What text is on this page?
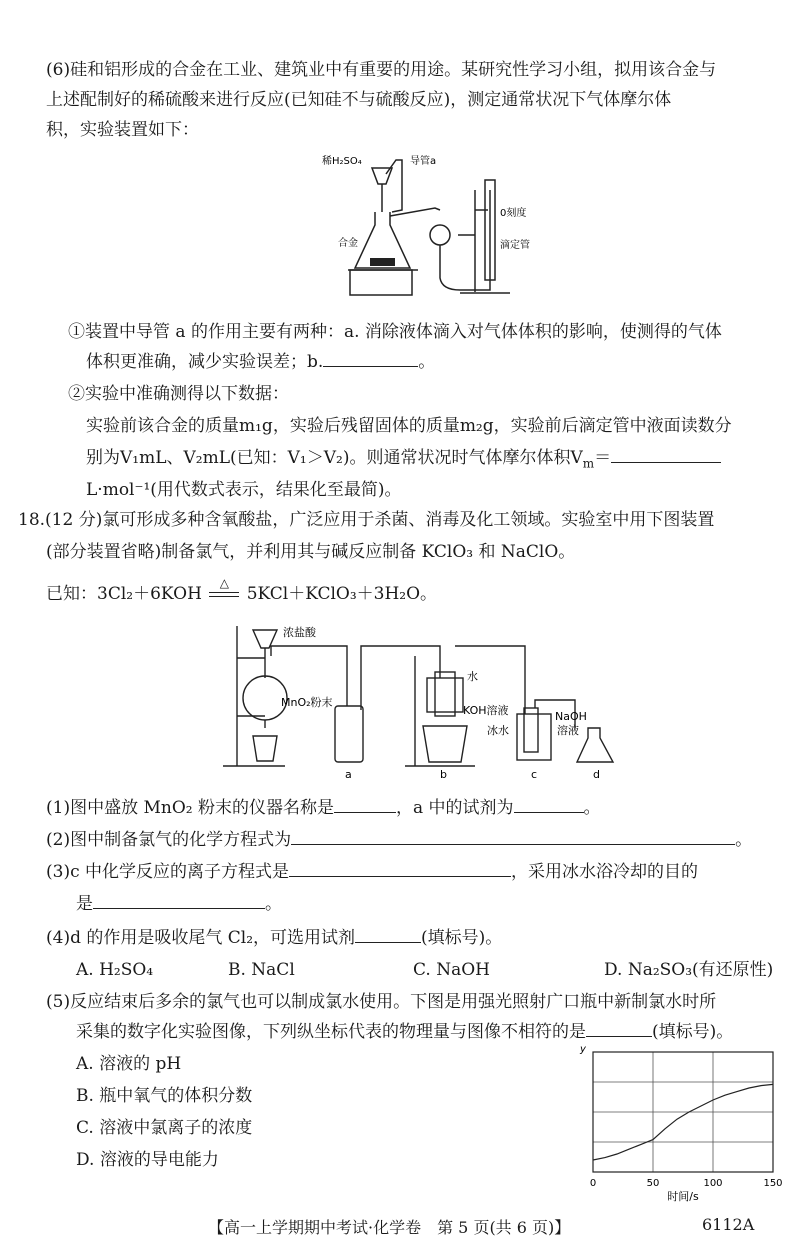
(6)硅和铝形成的合金在工业、建筑业中有重要的用途。某研究性学习小组，拟用该合金与
上述配制好的稀硫酸来进行反应(已知硅不与硫酸反应)，测定通常状况下气体摩尔体
积，实验装置如下：
稀H₂SO₄	导管a
0刻度
滴定管
合金
①装置中导管 a 的作用主要有两种：a. 消除液体滴入对气体体积的影响，使测得的气体
体积更准确，减少实验误差；b.	。
②实验中准确测得以下数据：
实验前该合金的质量m₁g，实验后残留固体的质量m₂g，实验前后滴定管中液面读数分
别为V₁mL、V₂mL(已知：V₁＞V₂)。则通常状况时气体摩尔体积$V_m=$
L·mol⁻¹(用代数式表示，结果化至最简)。
18.(12 分)氯可形成多种含氧酸盐，广泛应用于杀菌、消毒及化工领域。实验室中用下图装置
(部分装置省略)制备氯气，并利用其与碱反应制备 KClO₃ 和 NaClO。
已知：3Cl₂＋6KOH
△
5KCl＋KClO₃＋3H₂O。
浓盐酸
MnO₂粉末
水
KOH溶液
冰水
NaOH
溶液
a	b	c	d
(1)图中盛放 MnO₂ 粉末的仪器名称是	，a 中的试剂为	。
(2)图中制备氯气的化学方程式为	。
(3)c 中化学反应的离子方程式是	，采用冰水浴冷却的目的
是	。
(4)d 的作用是吸收尾气 Cl₂，可选用试剂	(填标号)。
A. H₂SO₄	B. NaCl	C. NaOH	D. Na₂SO₃(有还原性)
(5)反应结束后多余的氯气也可以制成氯水使用。下图是用强光照射广口瓶中新制氯水时所
采集的数字化实验图像，下列纵坐标代表的物理量与图像不相符的是	(填标号)。
A. 溶液的 pH
B. 瓶中氧气的体积分数
C. 溶液中氯离子的浓度
D. 溶液的导电能力
y
0	50	100	150
时间/s
【高一上学期期中考试·化学卷　第 5 页(共 6 页)】	6112A
